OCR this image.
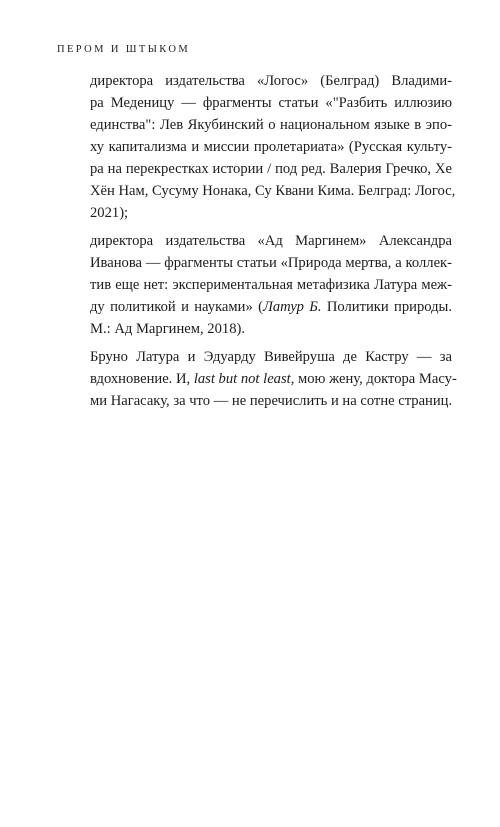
ПЕРОМ И ШТЫКОМ
директора издательства «Логос» (Белград) Владими-
ра Меденицу — фрагменты статьи «"Разбить иллюзию
единства": Лев Якубинский о национальном языке в эпо-
ху капитализма и миссии пролетариата» (Русская культу-
ра на перекрестках истории / под ред. Валерия Гречко, Хе
Хён Нам, Сусуму Нонака, Су Квани Кима. Белград: Логос,
2021);
директора издательства «Ад Маргинем» Александра
Иванова — фрагменты статьи «Природа мертва, а коллек-
тив еще нет: экспериментальная метафизика Латура меж-
ду политикой и науками» (Латур Б. Политики природы.
М.: Ад Маргинем, 2018).
Бруно Латура и Эдуарду Вивейруша де Кастру — за
вдохновение. И, last but not least, мою жену, доктора Масу-
ми Нагасаку, за что — не перечислить и на сотне страниц.
